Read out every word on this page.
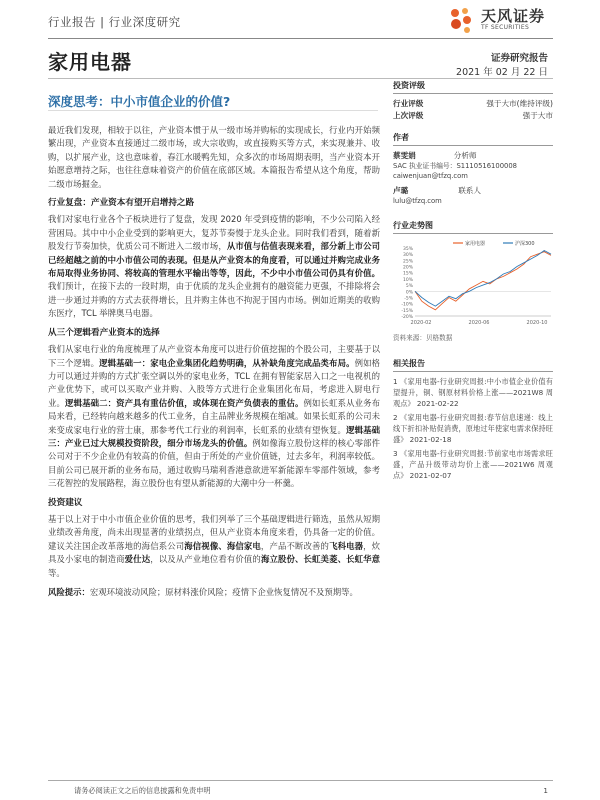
行业报告 | 行业深度研究	天风证券
TF SECURITIES
家用电器	证券研究报告
2021 年 02 月 22 日
深度思考：中小市值企业的价值?

最近我们发现，相较于以往，产业资本惯于从一级市场并购标的实现成长，行业内开始频繁出现，产业资本直接通过二级市场，或大宗收购，或直接购买等方式，来实现兼并、收购，以扩展产业，这也意味着，春江水暖鸭先知，众多次的市场周期表明，当产业资本开始愿意增持之际，也往往意味着资产的价值在底部区域。本篇报告希望从这个角度，帮助二级市场掘金。

行业复盘：产业资本有望开启增持之路

我们对家电行业各个子板块进行了复盘，发现 2020 年受到疫情的影响，不少公司陷入经营困局。其中中小企业受到的影响更大，复苏节奏慢于龙头企业。同时我们看到，随着新股发行节奏加快，优质公司不断进入二级市场，从市值与估值表现来看，部分新上市公司已经超越之前的中小市值公司的表现。但是从产业资本的角度看，可以通过并购完成业务布局取得业务协同、将较高的管理水平输出等等，因此，不少中小市值公司仍具有价值。我们预计，在接下去的一段时期，由于优质的龙头企业拥有的融资能力更强，不排除将会进一步通过并购的方式去获得增长，且并购主体也不拘泥于国内市场。例如近期美的收购东医疗，TCL 举牌奥马电器。

从三个逻辑看产业资本的选择

我们从家电行业的角度梳理了从产业资本角度可以进行价值挖掘的个股公司，主要基于以下三个逻辑。逻辑基础一：家电企业集团化趋势明确，从补缺角度完成品类布局。例如格力可以通过并购的方式扩张空调以外的家电业务，TCL 在拥有智能家居入口之一电视机的产业优势下，或可以买取产业并购、入股等方式进行企业集团化布局，考虑进入厨电行业。逻辑基础二：资产具有重估价值，或体现在资产负债表的重估。例如长虹系从业务布局来看，已经转向越来越多的代工业务，自主品牌业务规模在缩减。如果长虹系的公司未来变成家电行业的营士康，那参考代工行业的利润率，长虹系的业绩有望恢复。逻辑基础三：产业已过大规模投资阶段，细分市场龙头的价值。例如像海立股份这样的核心零部件公司对于不少企业仍有较高的价值，但由于所处的产业价值链，过去多年，利润率较低。目前公司已展开新的业务布局，通过收购马瑞利香港意欲进军新能源车零部件领域，参考三花智控的发展路程，海立股份也有望从新能源的大潮中分一杯羹。

投资建议

基于以上对于中小市值企业价值的思考，我们列举了三个基础逻辑进行筛选，虽然从短期业绩改善角度，尚未出现显著的业绩拐点，但从产业资本角度来看，仍具备一定的价值。建议关注国企改革落地的海信系公司海信视像、海信家电，产品不断改善的飞科电器，炊具及小家电的制造商爱仕达，以及从产业地位看有价值的海立股份、长虹美菱、长虹华意等。

风险提示：宏观环境波动风险；原材料涨价风险；疫情下企业恢复情况不及预期等。

投资评级
行业评级	强于大市(维持评级)
上次评级	强于大市
作者
蔡雯娟	分析师
SAC 执业证书编号：S1110516100008
caiwenjuan@tfzq.com
卢璐	联系人
lulu@tfzq.com
行业走势图
35%
30%
25%
20%
15%
10%
5%
0%
-5%
-10%
-15%
-20%
2020-02	2020-06	2020-10
家用电器	沪深300
资料来源：贝格数据
相关报告
1 《家用电器-行业研究周报:中小市值企业价值有望提升，铜、钢原材料价格上涨——2021W8 周观点》 2021-02-22
2 《家用电器-行业研究周报:春节信息速递：线上线下折扣补贴促消费，原地过年使家电需求保持旺盛》 2021-02-18
3 《家用电器-行业研究周报:节前家电市场需求旺盛，产品升级带动均价上涨——2021W6 周观点》 2021-02-07
请务必阅读正文之后的信息披露和免责申明	1
